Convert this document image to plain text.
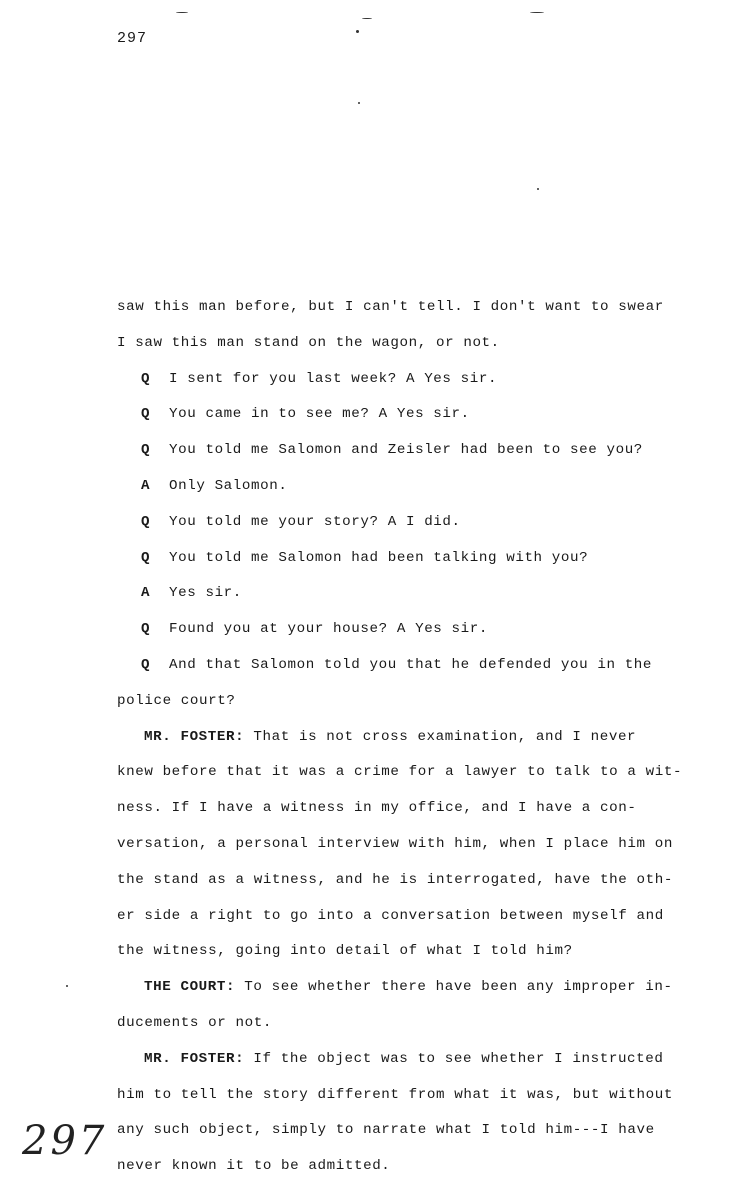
297
saw this man before, but I can't tell. I don't want to swear
I saw this man stand on the wagon, or not.
Q I sent for you last week? A Yes sir.
Q You came in to see me? A Yes sir.
Q You told me Salomon and Zeisler had been to see you?
A Only Salomon.
Q You told me your story? A I did.
Q You told me Salomon had been talking with you?
A Yes sir.
Q Found you at your house? A Yes sir.
Q And that Salomon told you that he defended you in the
police court?
MR. FOSTER: That is not cross examination, and I never
knew before that it was a crime for a lawyer to talk to a wit-
ness. If I have a witness in my office, and I have a con-
versation, a personal interview with him, when I place him on
the stand as a witness, and he is interrogated, have the oth-
er side a right to go into a conversation between myself and
the witness, going into detail of what I told him?
THE COURT: To see whether there have been any improper in-
ducements or not.
MR. FOSTER: If the object was to see whether I instructed
him to tell the story different from what it was, but without
any such object, simply to narrate what I told him---I have
never known it to be admitted.
297
